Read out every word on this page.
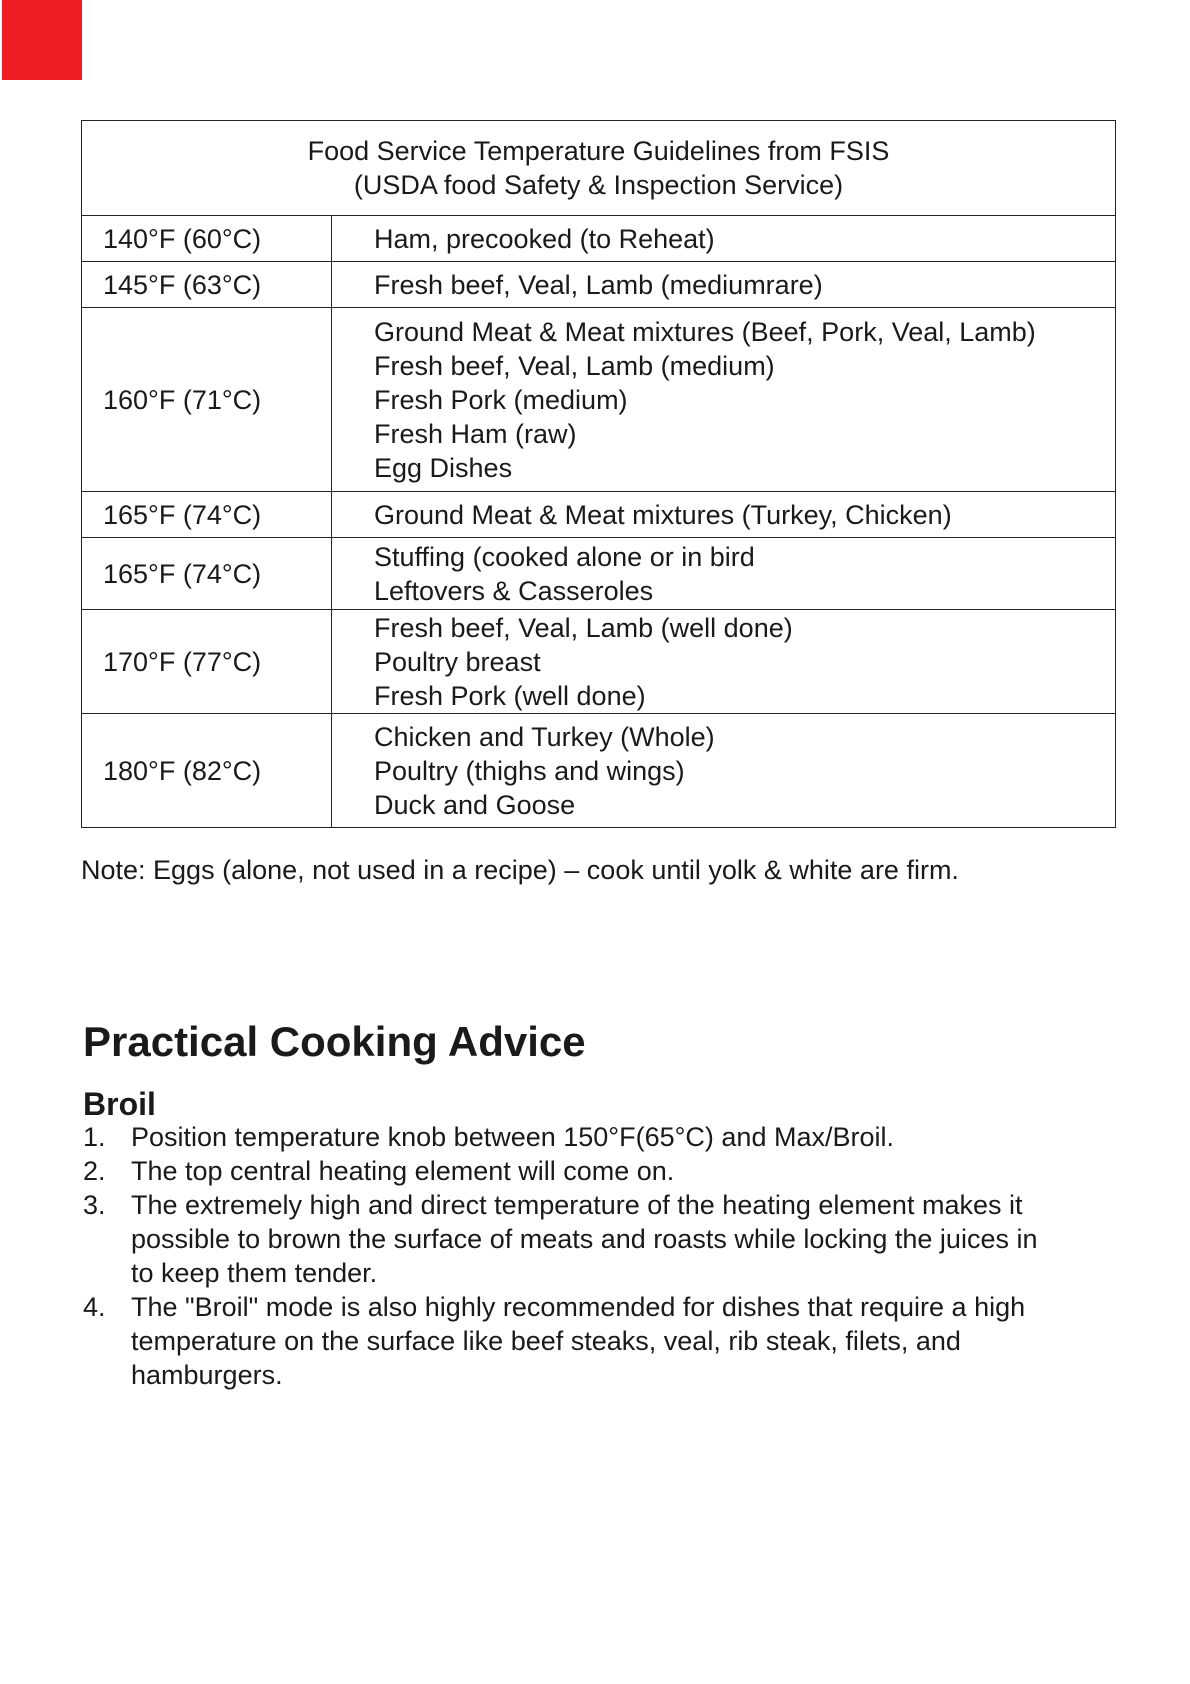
Food Service Temperature Guidelines from FSIS
(USDA food Safety & Inspection Service)	

140°F (60°C)	Ham, precooked (to Reheat)

145°F (63°C)	Fresh beef, Veal, Lamb (mediumrare)

160°F (71°C)	Ground Meat & Meat mixtures (Beef, Pork, Veal, Lamb)
Fresh beef, Veal, Lamb (medium)
Fresh Pork (medium)
Fresh Ham (raw)
Egg Dishes

165°F (74°C)	Ground Meat & Meat mixtures (Turkey, Chicken)

165°F (74°C)	Stuffing (cooked alone or in bird
Leftovers & Casseroles

170°F (77°C)	Fresh beef, Veal, Lamb (well done)
Poultry breast
Fresh Pork (well done)

180°F (82°C)	Chicken and Turkey (Whole)
Poultry (thighs and wings)
Duck and Goose
Note: Eggs (alone, not used in a recipe) – cook until yolk & white are firm.
Practical Cooking Advice
Broil
1. Position temperature knob between 150°F(65°C) and Max/Broil.
2. The top central heating element will come on.
3. The extremely high and direct temperature of the heating element makes it
possible to brown the surface of meats and roasts while locking the juices in
to keep them tender.
4. The "Broil" mode is also highly recommended for dishes that require a high
temperature on the surface like beef steaks, veal, rib steak, filets, and
hamburgers.
